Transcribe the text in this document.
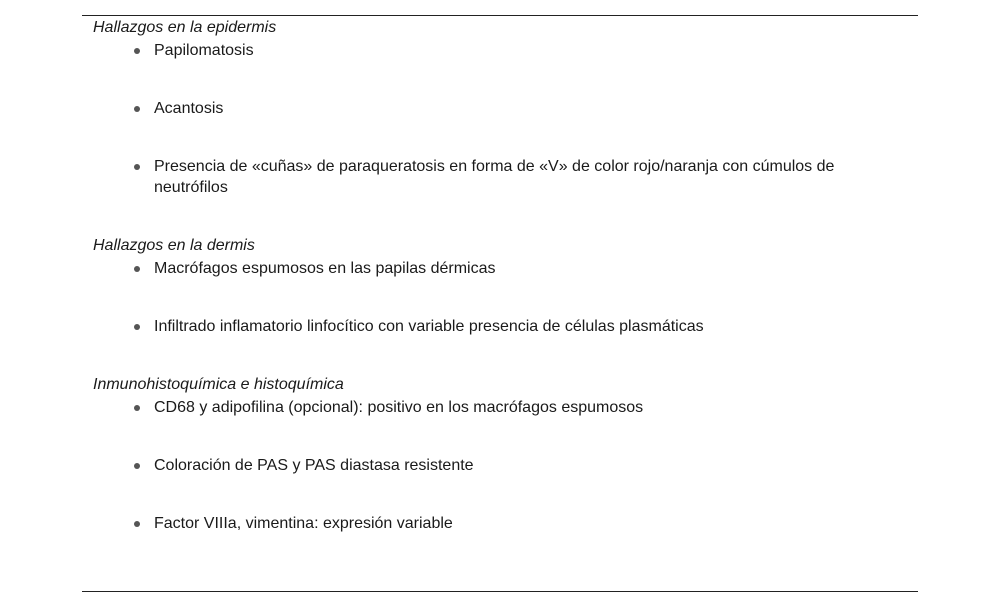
Hallazgos en la epidermis

Papilomatosis
Acantosis
Presencia de «cuñas» de paraqueratosis en forma de «V» de color rojo/naranja con cúmulos de neutrófilos

Hallazgos en la dermis

Macrófagos espumosos en las papilas dérmicas
Infiltrado inflamatorio linfocítico con variable presencia de células plasmáticas

Inmunohistoquímica e histoquímica

CD68 y adipofilina (opcional): positivo en los macrófagos espumosos
Coloración de PAS y PAS diastasa resistente
Factor VIIIa, vimentina: expresión variable
